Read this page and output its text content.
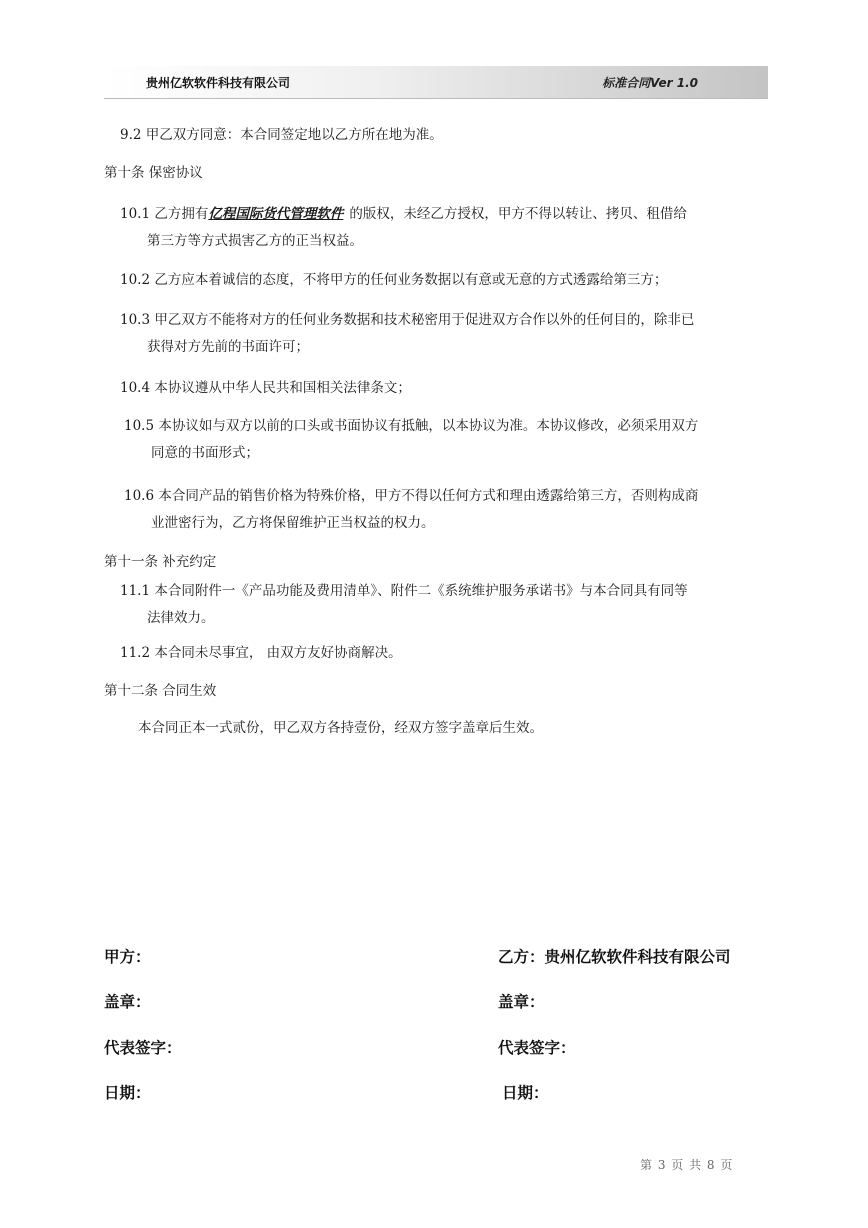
贵州亿软软件科技有限公司	标准合同Ver 1.0
9.2 甲乙双方同意：本合同签定地以乙方所在地为准。
第十条 保密协议
10.1 乙方拥有亿程国际货代管理软件 的版权，未经乙方授权，甲方不得以转让、拷贝、租借给
第三方等方式损害乙方的正当权益。
10.2 乙方应本着诚信的态度，不将甲方的任何业务数据以有意或无意的方式透露给第三方；
10.3 甲乙双方不能将对方的任何业务数据和技术秘密用于促进双方合作以外的任何目的，除非已
获得对方先前的书面许可；
10.4 本协议遵从中华人民共和国相关法律条文；
10.5 本协议如与双方以前的口头或书面协议有抵触，以本协议为准。本协议修改，必须采用双方
同意的书面形式；
10.6 本合同产品的销售价格为特殊价格，甲方不得以任何方式和理由透露给第三方，否则构成商
业泄密行为，乙方将保留维护正当权益的权力。
第十一条 补充约定
11.1 本合同附件一《产品功能及费用清单》、附件二《系统维护服务承诺书》与本合同具有同等
法律效力。
11.2 本合同未尽事宜， 由双方友好协商解决。
第十二条 合同生效
本合同正本一式贰份，甲乙双方各持壹份，经双方签字盖章后生效。
甲方：	乙方：贵州亿软软件科技有限公司
盖章：	盖章：
代表签字：	代表签字：
日期：	日期：
第 3 页 共 8 页
